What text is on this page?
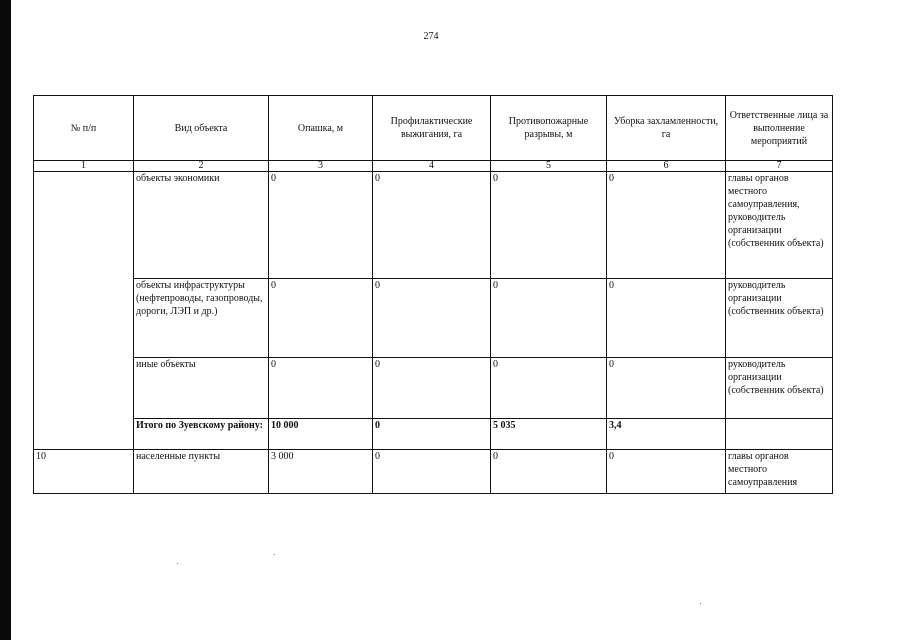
274
№ п/п	Вид объекта	Опашка, м	Профилактические выжигания, га	Противопожарные разрывы, м	Уборка захламленности, га	Ответственные лица за выполнение мероприятий
1	2	3	4	5	6	7
	объекты экономики	0	0	0	0	главы органов местного самоуправления, руководитель организации (собственник объекта)
	объекты инфраструктуры (нефтепроводы, газопроводы, дороги, ЛЭП и др.)	0	0	0	0	руководитель организации (собственник объекта)
	иные объекты	0	0	0	0	руководитель организации (собственник объекта)
	Итого по Зуевскому району:	10 000	0	5 035	3,4	
10	населенные пункты	3 000	0	0	0	главы органов местного самоуправления
